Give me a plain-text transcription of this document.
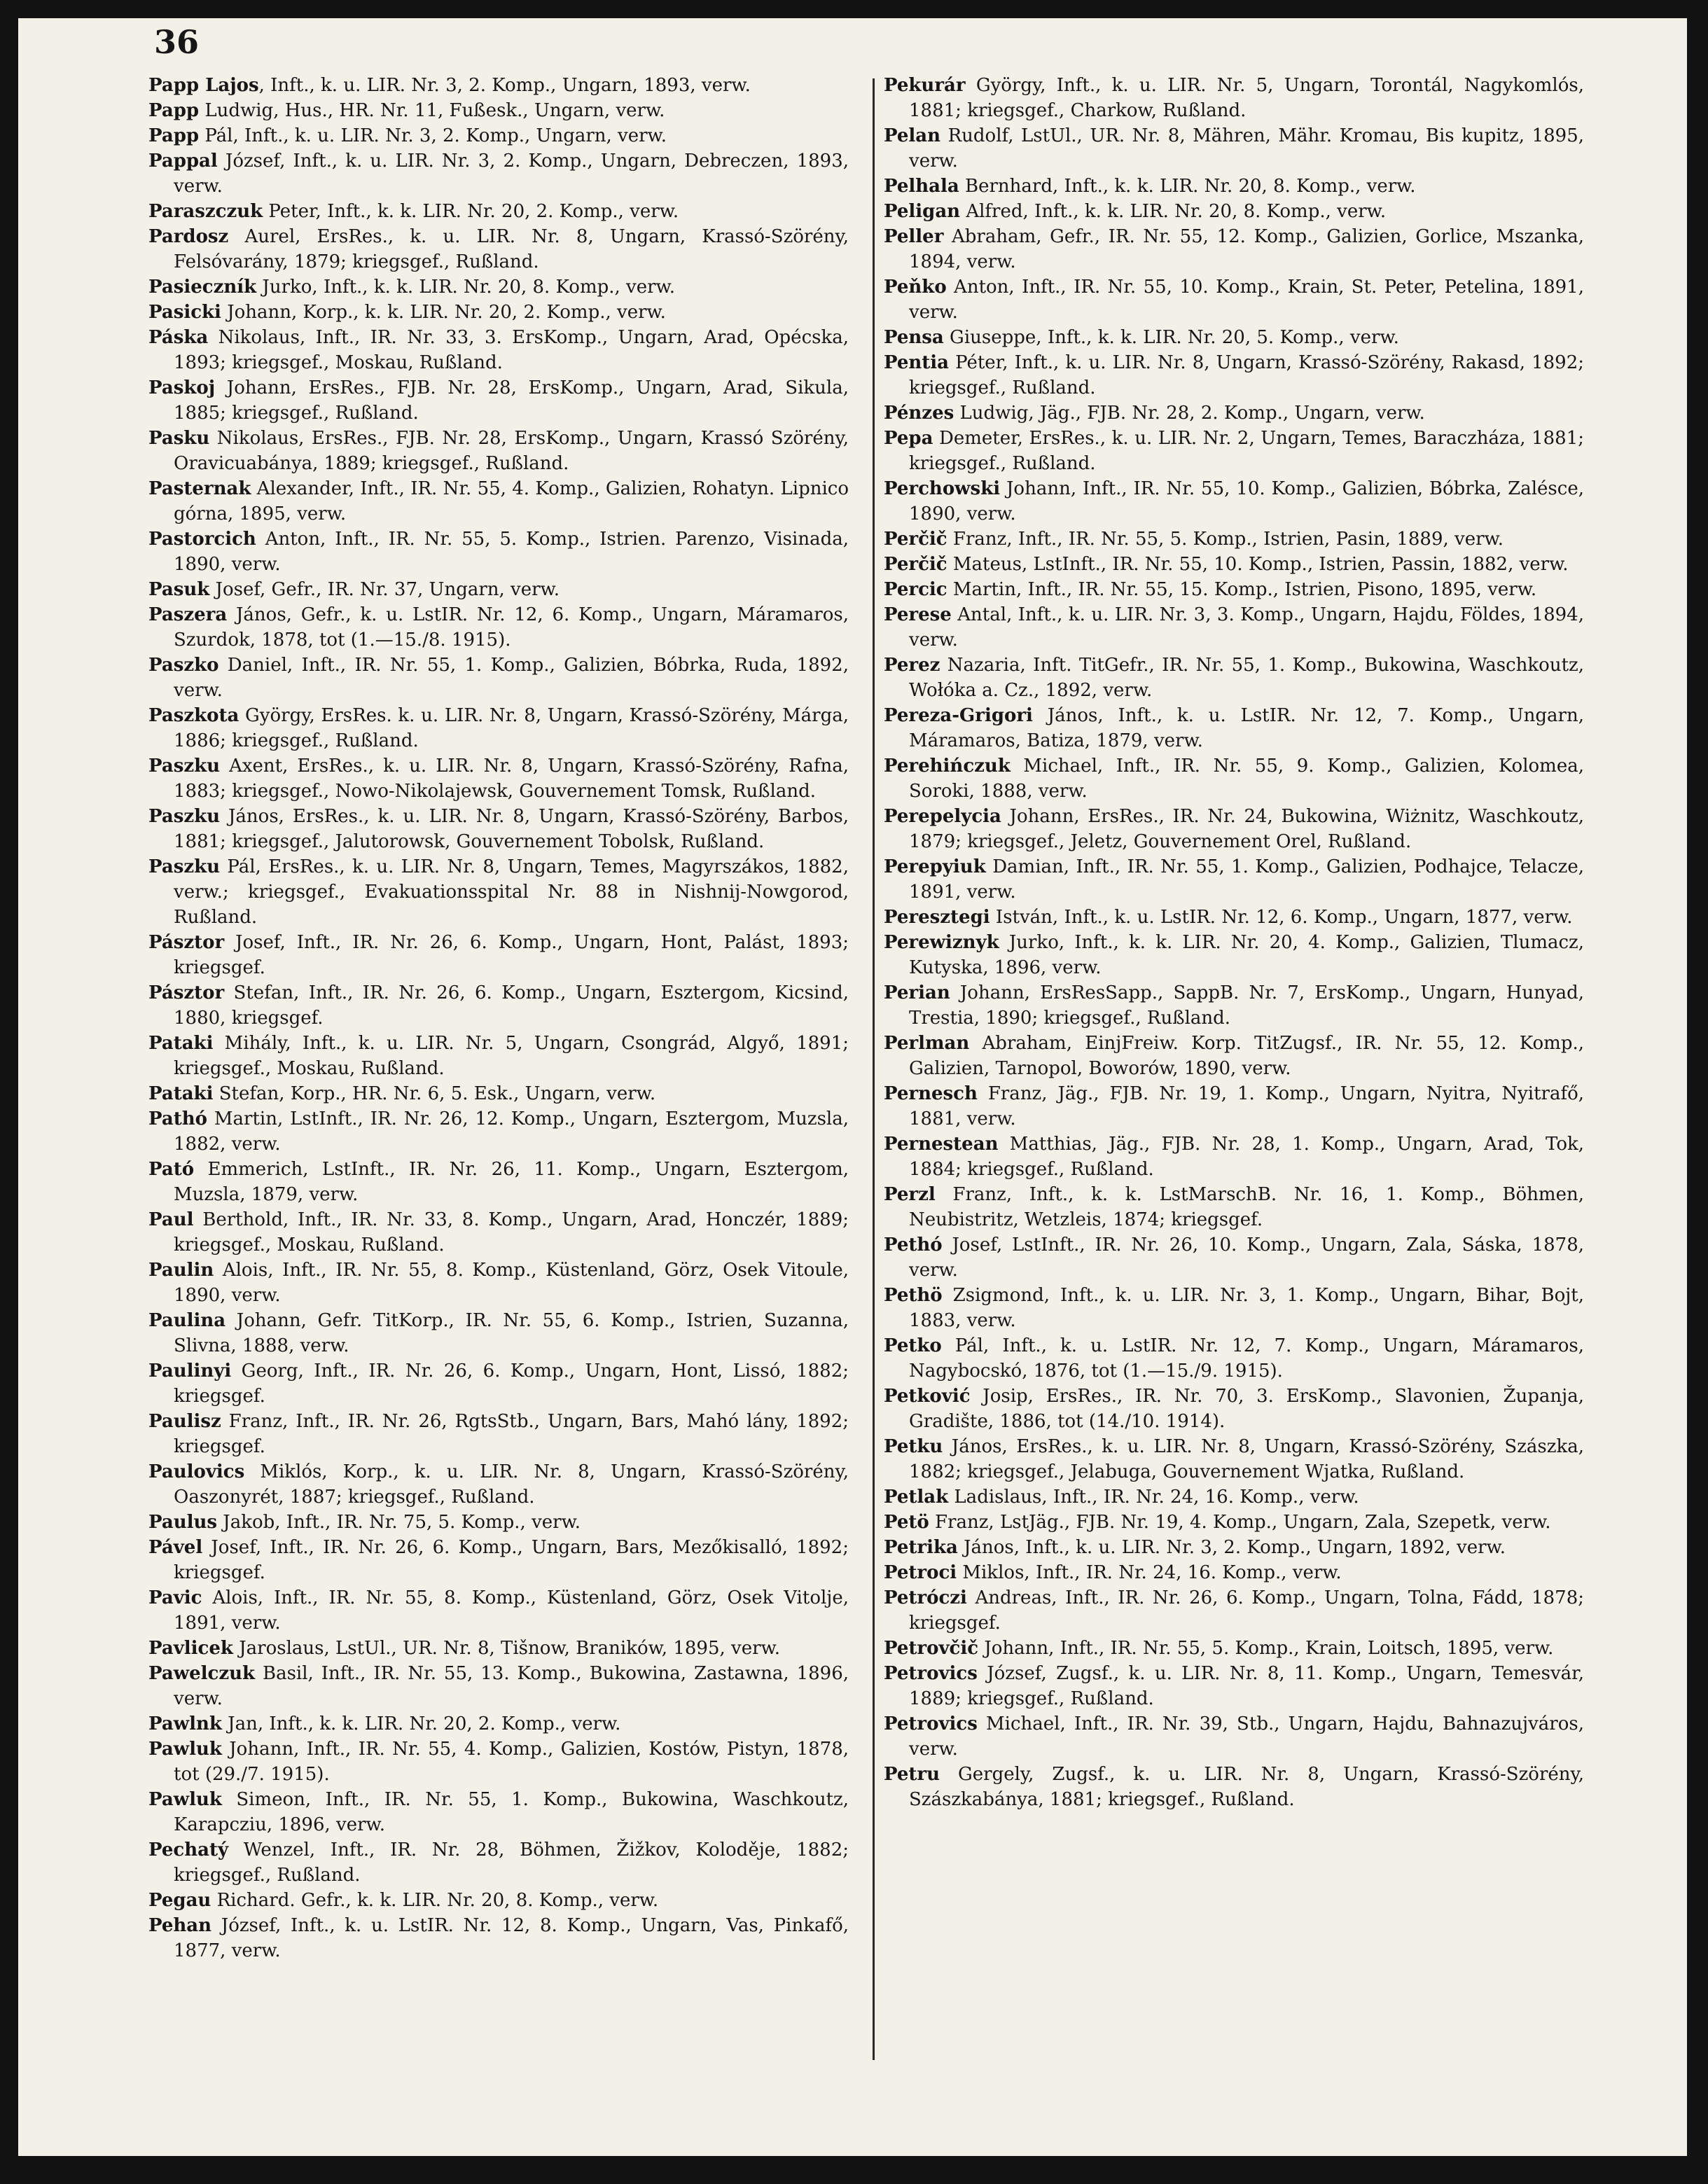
36
Papp Lajos, Inft., k. u. LIR. Nr. 3, 2. Komp., Ungarn, 1893, verw.
Papp Ludwig, Hus., HR. Nr. 11, Fußesk., Ungarn, verw.
Papp Pál, Inft., k. u. LIR. Nr. 3, 2. Komp., Ungarn, verw.
Pappal József, Inft., k. u. LIR. Nr. 3, 2. Komp., Ungarn, Debreczen, 1893, verw.
Paraszczuk Peter, Inft., k. k. LIR. Nr. 20, 2. Komp., verw.
Pardosz Aurel, ErsRes., k. u. LIR. Nr. 8, Ungarn, Krassó-Szörény, Felsóvarány, 1879; kriegsgef., Rußland.
Pasieczník Jurko, Inft., k. k. LIR. Nr. 20, 8. Komp., verw.
Pasicki Johann, Korp., k. k. LIR. Nr. 20, 2. Komp., verw.
Páska Nikolaus, Inft., IR. Nr. 33, 3. ErsKomp., Ungarn, Arad, Opécska, 1893; kriegsgef., Moskau, Rußland.
Paskoj Johann, ErsRes., FJB. Nr. 28, ErsKomp., Ungarn, Arad, Sikula, 1885; kriegsgef., Rußland.
Pasku Nikolaus, ErsRes., FJB. Nr. 28, ErsKomp., Ungarn, Krassó Szörény, Oravicuabánya, 1889; kriegsgef., Rußland.
Pasternak Alexander, Inft., IR. Nr. 55, 4. Komp., Galizien, Rohatyn. Lipnico górna, 1895, verw.
Pastorcich Anton, Inft., IR. Nr. 55, 5. Komp., Istrien. Parenzo, Visinada, 1890, verw.
Pasuk Josef, Gefr., IR. Nr. 37, Ungarn, verw.
Paszera János, Gefr., k. u. LstIR. Nr. 12, 6. Komp., Ungarn, Máramaros, Szurdok, 1878, tot (1.—15./8. 1915).
Paszko Daniel, Inft., IR. Nr. 55, 1. Komp., Galizien, Bóbrka, Ruda, 1892, verw.
Paszkota György, ErsRes. k. u. LIR. Nr. 8, Ungarn, Krassó-Szörény, Márga, 1886; kriegsgef., Rußland.
Paszku Axent, ErsRes., k. u. LIR. Nr. 8, Ungarn, Krassó-Szörény, Rafna, 1883; kriegsgef., Nowo-Nikolajewsk, Gouvernement Tomsk, Rußland.
Paszku János, ErsRes., k. u. LIR. Nr. 8, Ungarn, Krassó-Szörény, Barbos, 1881; kriegsgef., Jalutorowsk, Gouvernement Tobolsk, Rußland.
Paszku Pál, ErsRes., k. u. LIR. Nr. 8, Ungarn, Temes, Magyrszákos, 1882, verw.; kriegsgef., Evakuationsspital Nr. 88 in Nishnij-Nowgorod, Rußland.
Pásztor Josef, Inft., IR. Nr. 26, 6. Komp., Ungarn, Hont, Palást, 1893; kriegsgef.
Pásztor Stefan, Inft., IR. Nr. 26, 6. Komp., Ungarn, Esztergom, Kicsind, 1880, kriegsgef.
Pataki Mihály, Inft., k. u. LIR. Nr. 5, Ungarn, Csongrád, Algyő, 1891; kriegsgef., Moskau, Rußland.
Pataki Stefan, Korp., HR. Nr. 6, 5. Esk., Ungarn, verw.
Pathó Martin, LstInft., IR. Nr. 26, 12. Komp., Ungarn, Esztergom, Muzsla, 1882, verw.
Pató Emmerich, LstInft., IR. Nr. 26, 11. Komp., Ungarn, Esztergom, Muzsla, 1879, verw.
Paul Berthold, Inft., IR. Nr. 33, 8. Komp., Ungarn, Arad, Honczér, 1889; kriegsgef., Moskau, Rußland.
Paulin Alois, Inft., IR. Nr. 55, 8. Komp., Küstenland, Görz, Osek Vitoule, 1890, verw.
Paulina Johann, Gefr. TitKorp., IR. Nr. 55, 6. Komp., Istrien, Suzanna, Slivna, 1888, verw.
Paulinyi Georg, Inft., IR. Nr. 26, 6. Komp., Ungarn, Hont, Lissó, 1882; kriegsgef.
Paulisz Franz, Inft., IR. Nr. 26, RgtsStb., Ungarn, Bars, Mahó lány, 1892; kriegsgef.
Paulovics Miklós, Korp., k. u. LIR. Nr. 8, Ungarn, Krassó-Szörény, Oaszonyrét, 1887; kriegsgef., Rußland.
Paulus Jakob, Inft., IR. Nr. 75, 5. Komp., verw.
Pável Josef, Inft., IR. Nr. 26, 6. Komp., Ungarn, Bars, Mezőkisalló, 1892; kriegsgef.
Pavic Alois, Inft., IR. Nr. 55, 8. Komp., Küstenland, Görz, Osek Vitolje, 1891, verw.
Pavlicek Jaroslaus, LstUl., UR. Nr. 8, Tišnow, Braników, 1895, verw.
Pawelczuk Basil, Inft., IR. Nr. 55, 13. Komp., Bukowina, Zastawna, 1896, verw.
Pawlnk Jan, Inft., k. k. LIR. Nr. 20, 2. Komp., verw.
Pawluk Johann, Inft., IR. Nr. 55, 4. Komp., Galizien, Kostów, Pistyn, 1878, tot (29./7. 1915).
Pawluk Simeon, Inft., IR. Nr. 55, 1. Komp., Bukowina, Waschkoutz, Karapcziu, 1896, verw.
Pechatý Wenzel, Inft., IR. Nr. 28, Böhmen, Žižkov, Kolodějе, 1882; kriegsgef., Rußland.
Pegau Richard. Gefr., k. k. LIR. Nr. 20, 8. Komp., verw.
Pehan József, Inft., k. u. LstIR. Nr. 12, 8. Komp., Ungarn, Vas, Pinkafő, 1877, verw.
Pekurár György, Inft., k. u. LIR. Nr. 5, Ungarn, Torontál, Nagykomlós, 1881; kriegsgef., Charkow, Rußland.
Pelan Rudolf, LstUl., UR. Nr. 8, Mähren, Mähr. Kromau, Bis kupitz, 1895, verw.
Pelhala Bernhard, Inft., k. k. LIR. Nr. 20, 8. Komp., verw.
Peligan Alfred, Inft., k. k. LIR. Nr. 20, 8. Komp., verw.
Peller Abraham, Gefr., IR. Nr. 55, 12. Komp., Galizien, Gorlice, Mszanka, 1894, verw.
Peňko Anton, Inft., IR. Nr. 55, 10. Komp., Krain, St. Peter, Petelina, 1891, verw.
Pensa Giuseppe, Inft., k. k. LIR. Nr. 20, 5. Komp., verw.
Pentia Péter, Inft., k. u. LIR. Nr. 8, Ungarn, Krassó-Szörény, Rakasd, 1892; kriegsgef., Rußland.
Pénzes Ludwig, Jäg., FJB. Nr. 28, 2. Komp., Ungarn, verw.
Pepa Demeter, ErsRes., k. u. LIR. Nr. 2, Ungarn, Temes, Baraczháza, 1881; kriegsgef., Rußland.
Perchowski Johann, Inft., IR. Nr. 55, 10. Komp., Galizien, Bóbrka, Zalésce, 1890, verw.
Perčič Franz, Inft., IR. Nr. 55, 5. Komp., Istrien, Pasin, 1889, verw.
Perčič Mateus, LstInft., IR. Nr. 55, 10. Komp., Istrien, Passin, 1882, verw.
Percic Martin, Inft., IR. Nr. 55, 15. Komp., Istrien, Pisono, 1895, verw.
Perese Antal, Inft., k. u. LIR. Nr. 3, 3. Komp., Ungarn, Hajdu, Földes, 1894, verw.
Perez Nazaria, Inft. TitGefr., IR. Nr. 55, 1. Komp., Bukowina, Waschkoutz, Wołóka a. Cz., 1892, verw.
Pereza-Grigori János, Inft., k. u. LstIR. Nr. 12, 7. Komp., Ungarn, Máramaros, Batiza, 1879, verw.
Perehińczuk Michael, Inft., IR. Nr. 55, 9. Komp., Galizien, Kolomea, Soroki, 1888, verw.
Perepelycia Johann, ErsRes., IR. Nr. 24, Bukowina, Wiżnitz, Waschkoutz, 1879; kriegsgef., Jeletz, Gouvernement Orel, Rußland.
Perepyiuk Damian, Inft., IR. Nr. 55, 1. Komp., Galizien, Podhajce, Telacze, 1891, verw.
Peresztegi István, Inft., k. u. LstIR. Nr. 12, 6. Komp., Ungarn, 1877, verw.
Perewiznyk Jurko, Inft., k. k. LIR. Nr. 20, 4. Komp., Galizien, Tlumacz, Kutyska, 1896, verw.
Perian Johann, ErsResSapp., SappB. Nr. 7, ErsKomp., Ungarn, Hunyad, Trestia, 1890; kriegsgef., Rußland.
Perlman Abraham, EinjFreiw. Korp. TitZugsf., IR. Nr. 55, 12. Komp., Galizien, Tarnopol, Boworów, 1890, verw.
Pernesch Franz, Jäg., FJB. Nr. 19, 1. Komp., Ungarn, Nyitra, Nyitrafő, 1881, verw.
Pernestean Matthias, Jäg., FJB. Nr. 28, 1. Komp., Ungarn, Arad, Tok, 1884; kriegsgef., Rußland.
Perzl Franz, Inft., k. k. LstMarschB. Nr. 16, 1. Komp., Böhmen, Neubistritz, Wetzleis, 1874; kriegsgef.
Pethó Josef, LstInft., IR. Nr. 26, 10. Komp., Ungarn, Zala, Sáska, 1878, verw.
Pethö Zsigmond, Inft., k. u. LIR. Nr. 3, 1. Komp., Ungarn, Bihar, Bojt, 1883, verw.
Petko Pál, Inft., k. u. LstIR. Nr. 12, 7. Komp., Ungarn, Máramaros, Nagybocskó, 1876, tot (1.—15./9. 1915).
Petković Josip, ErsRes., IR. Nr. 70, 3. ErsKomp., Slavonien, Županja, Gradište, 1886, tot (14./10. 1914).
Petku János, ErsRes., k. u. LIR. Nr. 8, Ungarn, Krassó-Szörény, Szászka, 1882; kriegsgef., Jelabuga, Gouvernement Wjatka, Rußland.
Petlak Ladislaus, Inft., IR. Nr. 24, 16. Komp., verw.
Petö Franz, LstJäg., FJB. Nr. 19, 4. Komp., Ungarn, Zala, Szepetk, verw.
Petrika János, Inft., k. u. LIR. Nr. 3, 2. Komp., Ungarn, 1892, verw.
Petroci Miklos, Inft., IR. Nr. 24, 16. Komp., verw.
Petróczi Andreas, Inft., IR. Nr. 26, 6. Komp., Ungarn, Tolna, Fádd, 1878; kriegsgef.
Petrovčič Johann, Inft., IR. Nr. 55, 5. Komp., Krain, Loitsch, 1895, verw.
Petrovics József, Zugsf., k. u. LIR. Nr. 8, 11. Komp., Ungarn, Temesvár, 1889; kriegsgef., Rußland.
Petrovics Michael, Inft., IR. Nr. 39, Stb., Ungarn, Hajdu, Bahnazujváros, verw.
Petru Gergely, Zugsf., k. u. LIR. Nr. 8, Ungarn, Krassó-Szörény, Szászkabánya, 1881; kriegsgef., Rußland.
